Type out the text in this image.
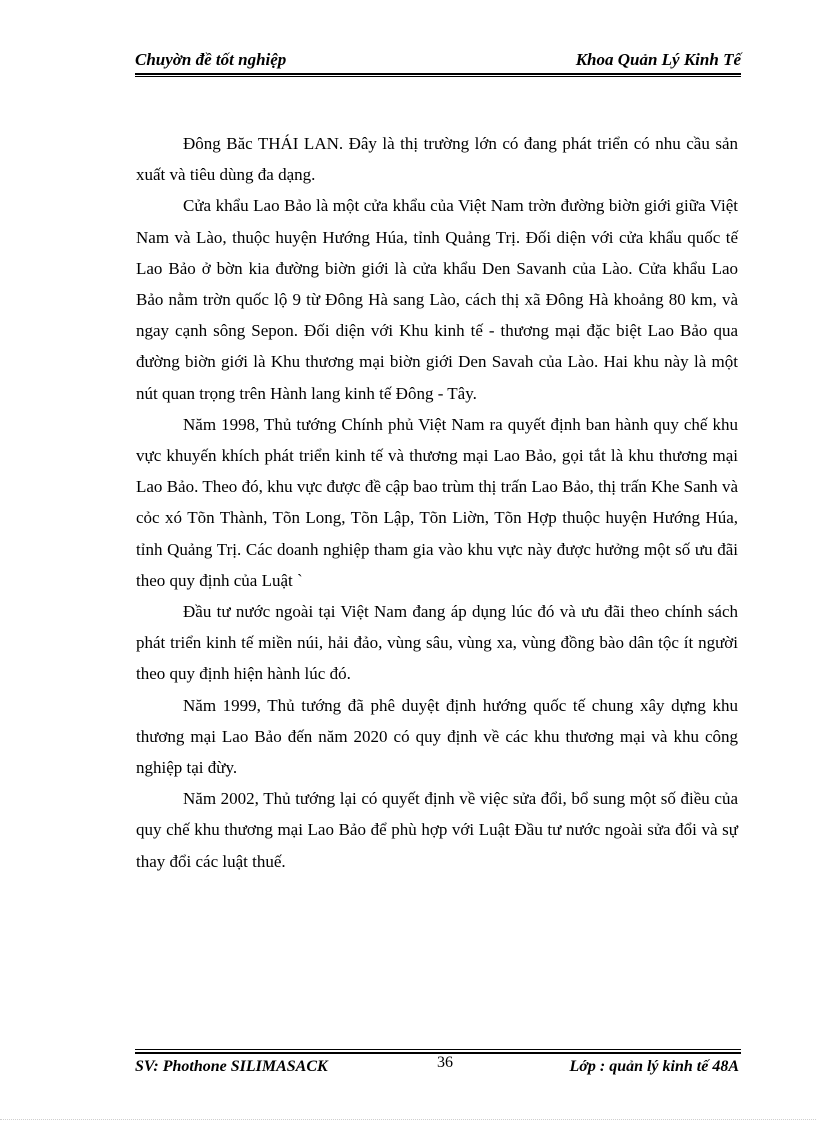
Chuyờn đề tốt nghiệp	Khoa Quản Lý Kinh Tế

Đông Băc THÁI LAN. Đây là thị trường lớn có đang phát triển có nhu cầu sản xuất và tiêu dùng đa dạng.

Cửa khẩu Lao Bảo là một cửa khẩu của Việt Nam trờn đường biờn giới giữa Việt Nam và Lào, thuộc huyện Hướng Húa, tỉnh Quảng Trị. Đối diện với cửa khẩu quốc tế Lao Bảo ở bờn kia đường biờn giới là cửa khẩu Den Savanh của Lào. Cửa khẩu Lao Bảo nằm trờn quốc lộ 9 từ Đông Hà sang Lào, cách thị xã Đông Hà khoảng 80 km, và ngay cạnh sông Sepon. Đối diện với Khu kinh tế - thương mại đặc biệt Lao Bảo qua đường biờn giới là Khu thương mại biờn giới Den Savah của Lào. Hai khu này là một nút quan trọng trên Hành lang kinh tế Đông - Tây.

Năm 1998, Thủ tướng Chính phủ Việt Nam ra quyết định ban hành quy chế khu vực khuyến khích phát triển kinh tế và thương mại Lao Bảo, gọi tắt là khu thương mại Lao Bảo. Theo đó, khu vực được đề cập bao trùm thị trấn Lao Bảo, thị trấn Khe Sanh và cỏc xó Tõn Thành, Tõn Long, Tõn Lập, Tõn Liờn, Tõn Hợp thuộc huyện Hướng Húa, tỉnh Quảng Trị. Các doanh nghiệp tham gia vào khu vực này được hưởng một số ưu đãi theo quy định của Luật `

Đầu tư nước ngoài tại Việt Nam đang áp dụng lúc đó và ưu đãi theo chính sách phát triển kinh tế miền núi, hải đảo, vùng sâu, vùng xa, vùng đồng bào dân tộc ít người theo quy định hiện hành lúc đó.

Năm 1999, Thủ tướng đã phê duyệt định hướng quốc tế chung xây dựng khu thương mại Lao Bảo đến năm 2020 có quy định về các khu thương mại và khu công nghiệp tại đừy.

Năm 2002, Thủ tướng lại có quyết định về việc sửa đổi, bổ sung một số điều của quy chế khu thương mại Lao Bảo để phù hợp với Luật Đầu tư nước ngoài sửa đổi và sự thay đổi các luật thuế.

SV: Phothone SILIMASACK	36	Lớp : quản lý kinh tế 48A
